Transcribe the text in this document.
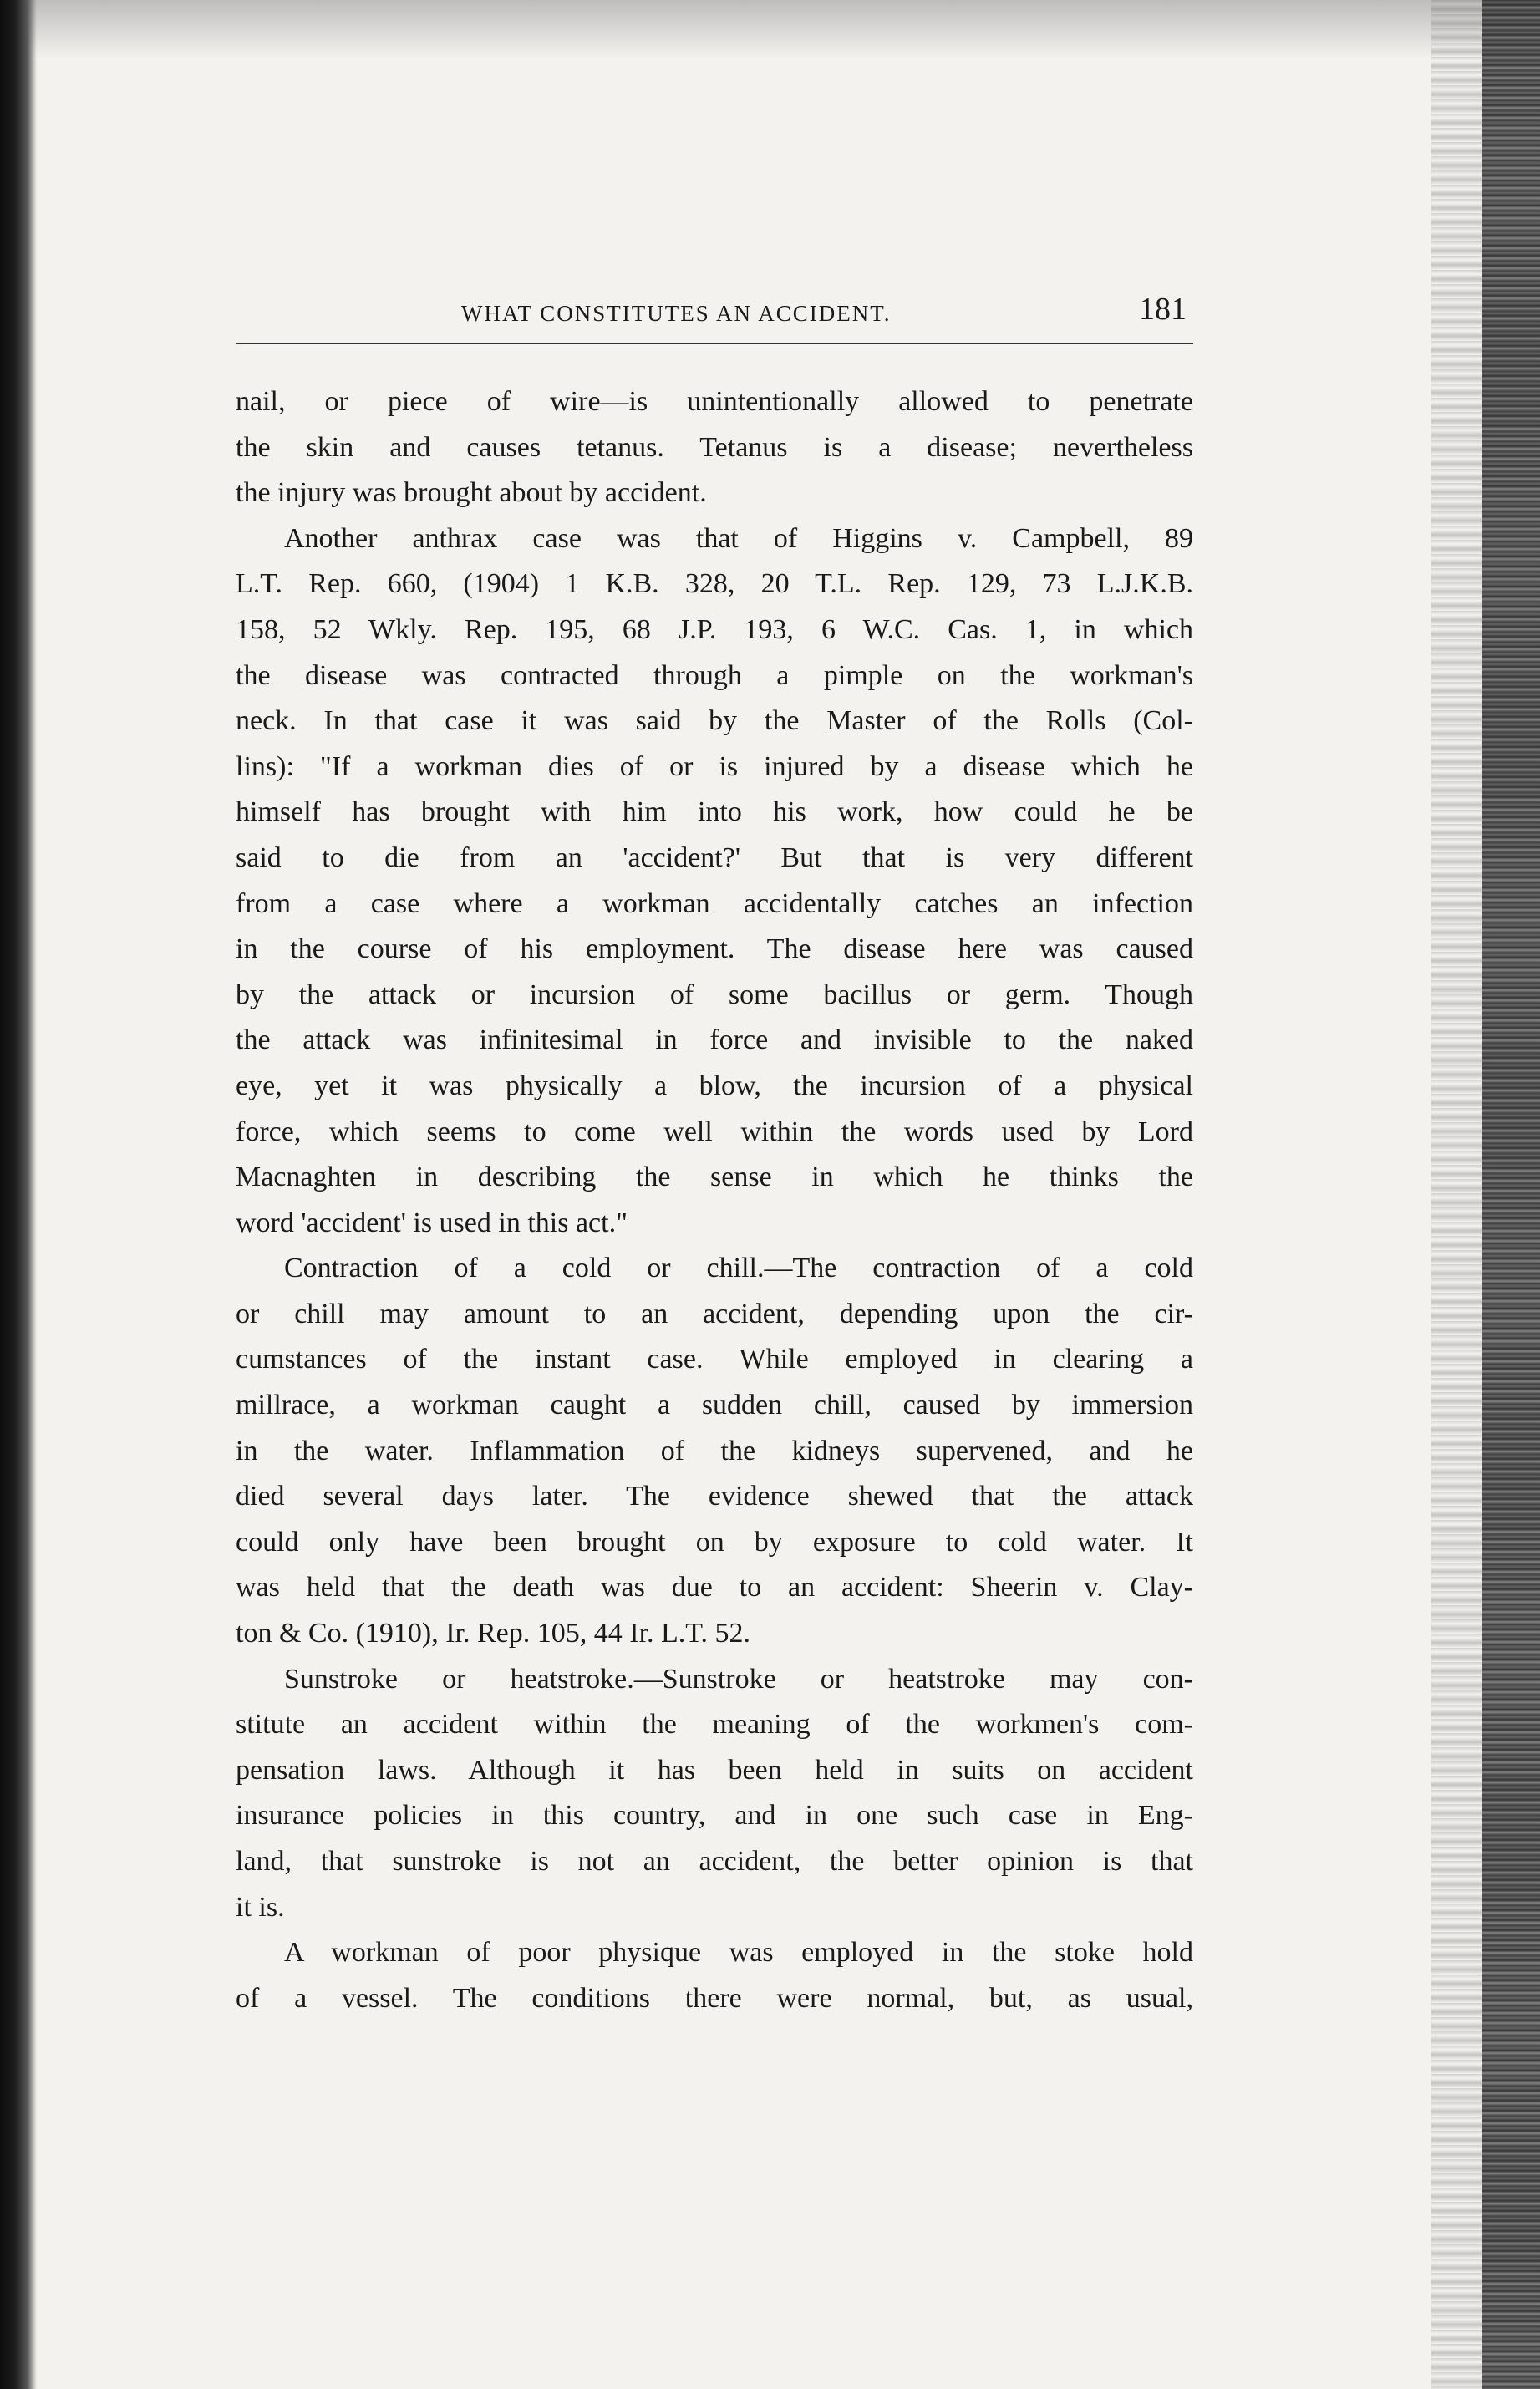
WHAT CONSTITUTES AN ACCIDENT.	181

nail, or piece of wire—is unintentionally allowed to penetrate

the skin and causes tetanus. Tetanus is a disease; nevertheless

the injury was brought about by accident.

Another anthrax case was that of Higgins v. Campbell, 89

L.T. Rep. 660, (1904) 1 K.B. 328, 20 T.L. Rep. 129, 73 L.J.K.B.

158, 52 Wkly. Rep. 195, 68 J.P. 193, 6 W.C. Cas. 1, in which

the disease was contracted through a pimple on the workman's

neck. In that case it was said by the Master of the Rolls (Col-

lins): "If a workman dies of or is injured by a disease which he

himself has brought with him into his work, how could he be

said to die from an 'accident?' But that is very different

from a case where a workman accidentally catches an infection

in the course of his employment. The disease here was caused

by the attack or incursion of some bacillus or germ. Though

the attack was infinitesimal in force and invisible to the naked

eye, yet it was physically a blow, the incursion of a physical

force, which seems to come well within the words used by Lord

Macnaghten in describing the sense in which he thinks the

word 'accident' is used in this act."

Contraction of a cold or chill.—The contraction of a cold

or chill may amount to an accident, depending upon the cir-

cumstances of the instant case. While employed in clearing a

millrace, a workman caught a sudden chill, caused by immersion

in the water. Inflammation of the kidneys supervened, and he

died several days later. The evidence shewed that the attack

could only have been brought on by exposure to cold water. It

was held that the death was due to an accident: Sheerin v. Clay-

ton & Co. (1910), Ir. Rep. 105, 44 Ir. L.T. 52.

Sunstroke or heatstroke.—Sunstroke or heatstroke may con-

stitute an accident within the meaning of the workmen's com-

pensation laws. Although it has been held in suits on accident

insurance policies in this country, and in one such case in Eng-

land, that sunstroke is not an accident, the better opinion is that

it is.

A workman of poor physique was employed in the stoke hold

of a vessel. The conditions there were normal, but, as usual,
